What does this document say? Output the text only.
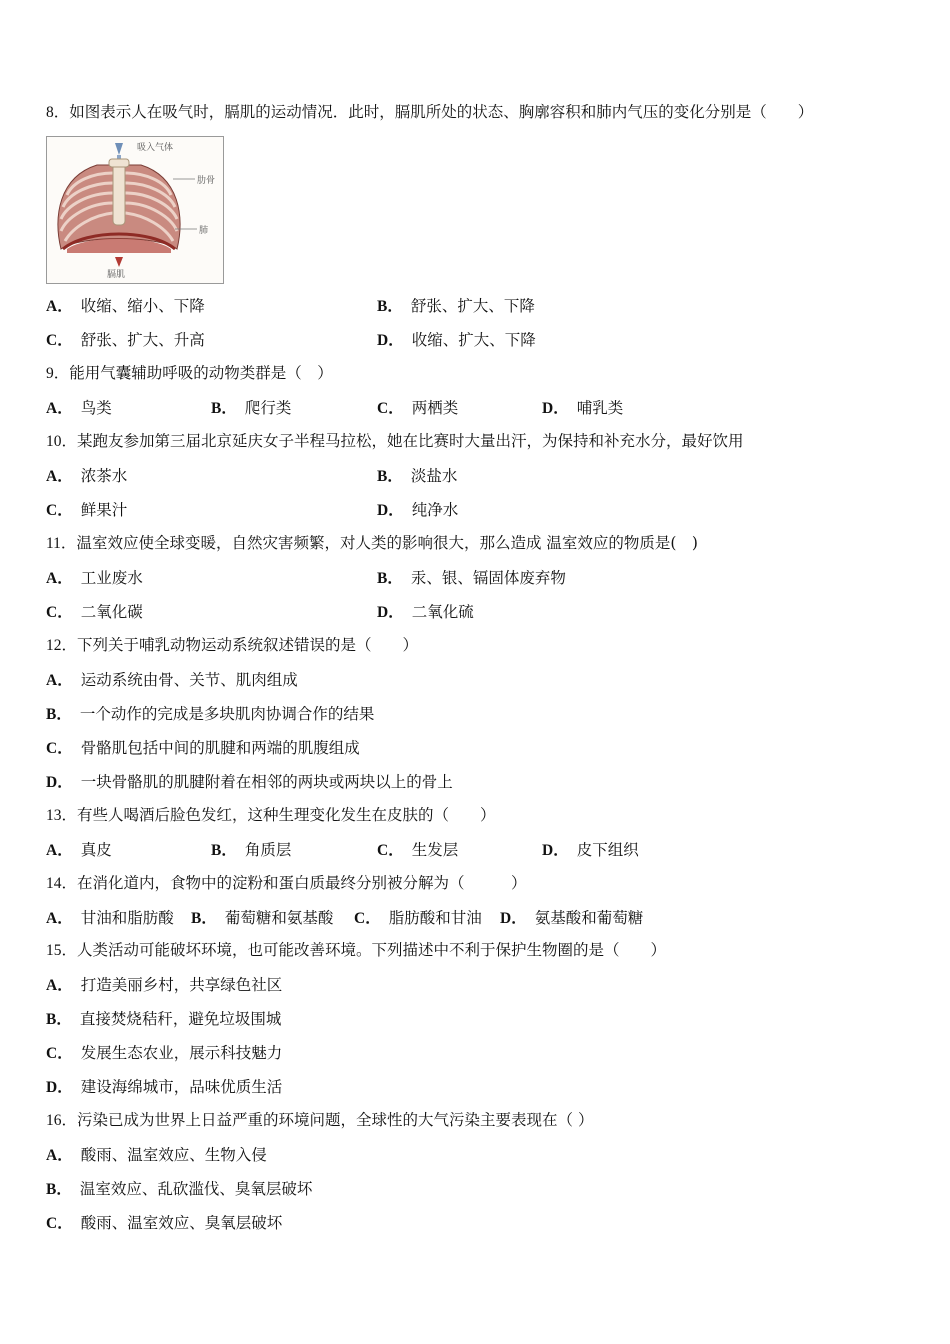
8．如图表示人在吸气时，膈肌的运动情况．此时，膈肌所处的状态、胸廓容积和肺内气压的变化分别是（　　）
吸入气体
肋骨
肺
膈肌
A． 收缩、缩小、下降	B． 舒张、扩大、下降
C． 舒张、扩大、升高	D． 收缩、扩大、下降
9．能用气囊辅助呼吸的动物类群是（　）
A． 鸟类	B． 爬行类	C． 两栖类	D． 哺乳类
10．某跑友参加第三届北京延庆女子半程马拉松，她在比赛时大量出汗，为保持和补充水分，最好饮用
A． 浓茶水	B． 淡盐水
C． 鲜果汁	D． 纯净水
11．温室效应使全球变暖，自然灾害频繁，对人类的影响很大，那么造成 温室效应的物质是(　)
A． 工业废水	B． 汞、银、镉固体废弃物
C． 二氧化碳	D． 二氧化硫
12．下列关于哺乳动物运动系统叙述错误的是（　　）
A． 运动系统由骨、关节、肌肉组成
B． 一个动作的完成是多块肌肉协调合作的结果
C． 骨骼肌包括中间的肌腱和两端的肌腹组成
D． 一块骨骼肌的肌腱附着在相邻的两块或两块以上的骨上
13．有些人喝酒后脸色发红，这种生理变化发生在皮肤的（　　）
A． 真皮	B． 角质层	C． 生发层	D． 皮下组织
14．在消化道内，食物中的淀粉和蛋白质最终分别被分解为（　　　）
A． 甘油和脂肪酸 B． 葡萄糖和氨基酸 C． 脂肪酸和甘油 D． 氨基酸和葡萄糖
15．人类活动可能破坏环境，也可能改善环境。下列描述中不利于保护生物圈的是（　　）
A． 打造美丽乡村，共享绿色社区
B． 直接焚烧秸秆，避免垃圾围城
C． 发展生态农业，展示科技魅力
D． 建设海绵城市，品味优质生活
16．污染已成为世界上日益严重的环境问题，全球性的大气污染主要表现在（ ）
A． 酸雨、温室效应、生物入侵
B． 温室效应、乱砍滥伐、臭氧层破坏
C． 酸雨、温室效应、臭氧层破坏
